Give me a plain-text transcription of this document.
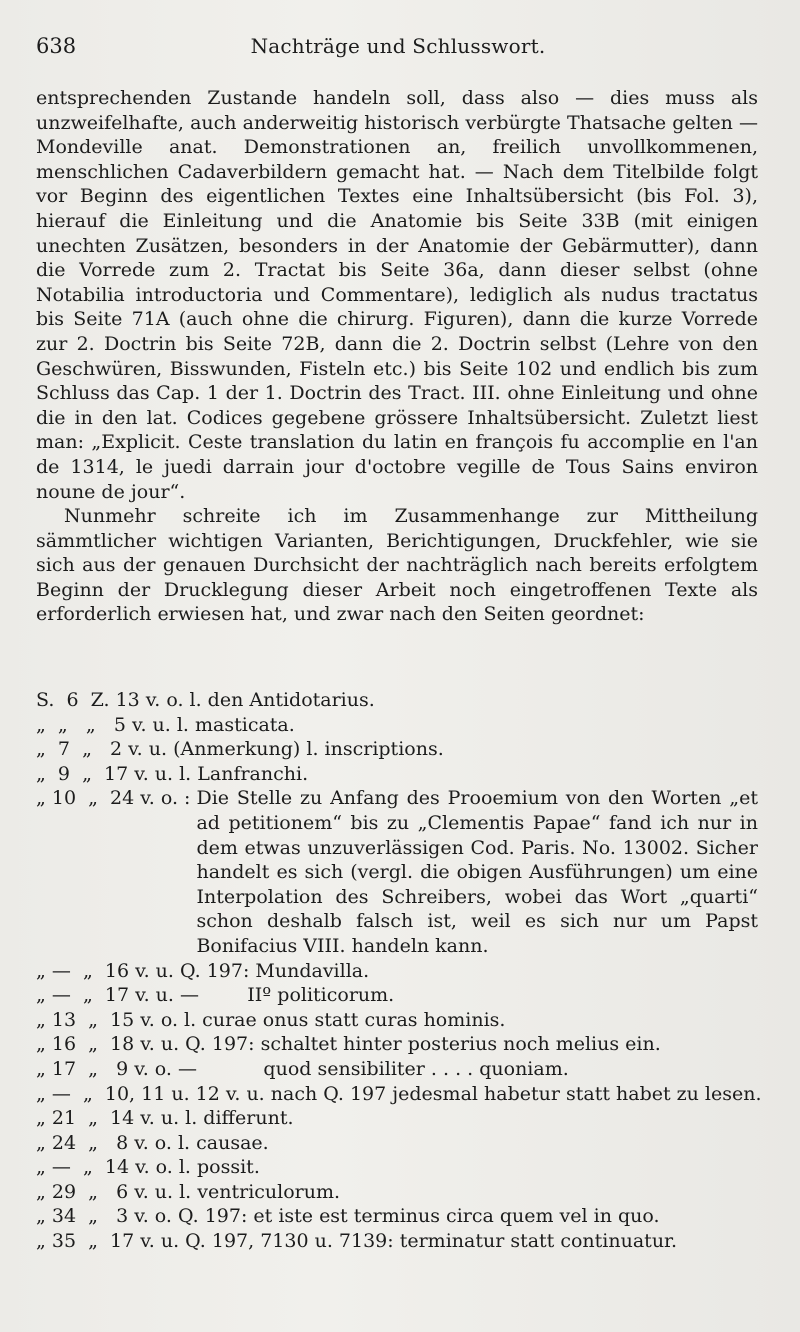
638	Nachträge und Schlusswort.

entsprechenden Zustande handeln soll, dass also — dies muss als unzweifelhafte, auch anderweitig historisch verbürgte Thatsache gelten — Mondeville anat. Demonstrationen an, freilich unvollkommenen, menschlichen Cadaverbildern gemacht hat. — Nach dem Titelbilde folgt vor Beginn des eigentlichen Textes eine Inhaltsübersicht (bis Fol. 3), hierauf die Einleitung und die Anatomie bis Seite 33B (mit einigen unechten Zusätzen, besonders in der Anatomie der Gebärmutter), dann die Vorrede zum 2. Tractat bis Seite 36a, dann dieser selbst (ohne Notabilia introductoria und Commentare), lediglich als nudus tractatus bis Seite 71A (auch ohne die chirurg. Figuren), dann die kurze Vorrede zur 2. Doctrin bis Seite 72B, dann die 2. Doctrin selbst (Lehre von den Geschwüren, Bisswunden, Fisteln etc.) bis Seite 102 und endlich bis zum Schluss das Cap. 1 der 1. Doctrin des Tract. III. ohne Einleitung und ohne die in den lat. Codices gegebene grössere Inhaltsübersicht. Zuletzt liest man: „Explicit. Ceste translation du latin en françois fu accomplie en l'an de 1314, le juedi darrain jour d'octobre vegille de Tous Sains environ noune de jour“.

Nunmehr schreite ich im Zusammenhange zur Mittheilung sämmtlicher wichtigen Varianten, Berichtigungen, Druckfehler, wie sie sich aus der genauen Durchsicht der nachträglich nach bereits erfolgtem Beginn der Drucklegung dieser Arbeit noch eingetroffenen Texte als erforderlich erwiesen hat, und zwar nach den Seiten geordnet:

S.  6  Z. 13 v. o. l. den Antidotarius.
„  „   „   5 v. u. l. masticata.
„  7  „   2 v. u. (Anmerkung) l. inscriptions.
„  9  „  17 v. u. l. Lanfranchi.
„ 10  „  24 v. o. : Die Stelle zu Anfang des Prooemium von den Worten „et ad petitionem“ bis zu „Clementis Papae“ fand ich nur in dem etwas unzuverlässigen Cod. Paris. No. 13002. Sicher handelt es sich (vergl. die obigen Ausführungen) um eine Interpolation des Schreibers, wobei das Wort „quarti“ schon deshalb falsch ist, weil es sich nur um Papst Bonifacius VIII. handeln kann.
„ —  „  16 v. u. Q. 197: Mundavilla.
„ —  „  17 v. u. —        IIº politicorum.
„ 13  „  15 v. o. l. curae onus statt curas hominis.
„ 16  „  18 v. u. Q. 197: schaltet hinter posterius noch melius ein.
„ 17  „   9 v. o. —           quod sensibiliter . . . . quoniam.
„ —  „  10, 11 u. 12 v. u. nach Q. 197 jedesmal habetur statt habet zu lesen.
„ 21  „  14 v. u. l. differunt.
„ 24  „   8 v. o. l. causae.
„ —  „  14 v. o. l. possit.
„ 29  „   6 v. u. l. ventriculorum.
„ 34  „   3 v. o. Q. 197: et iste est terminus circa quem vel in quo.
„ 35  „  17 v. u. Q. 197, 7130 u. 7139: terminatur statt continuatur.
